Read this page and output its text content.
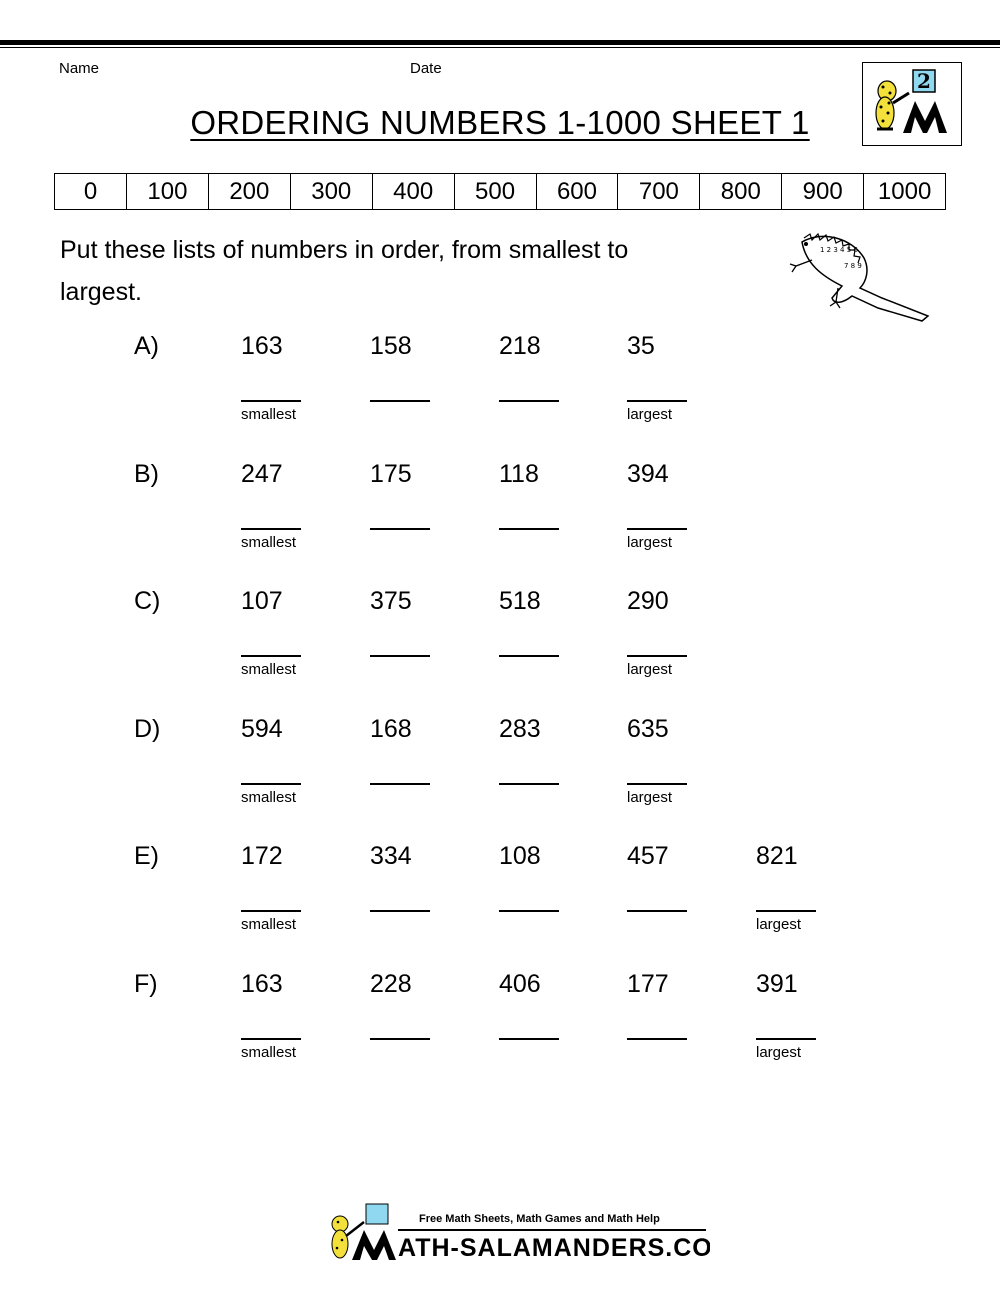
Name	Date
ORDERING NUMBERS 1-1000 SHEET 1
2
0	100	200	300	400	500	600	700	800	900	1000
Put these lists of numbers in order, from smallest to largest.
1 2 3 4 5 6
7 8 9
A)	163	158	218	35
smallest	largest
B)	247	175	118	394
smallest	largest
C)	107	375	518	290
smallest	largest
D)	594	168	283	635
smallest	largest
E)	172	334	108	457	821
smallest	largest
F)	163	228	406	177	391
smallest	largest
Free Math Sheets, Math Games and Math Help
ATH-SALAMANDERS.COM
